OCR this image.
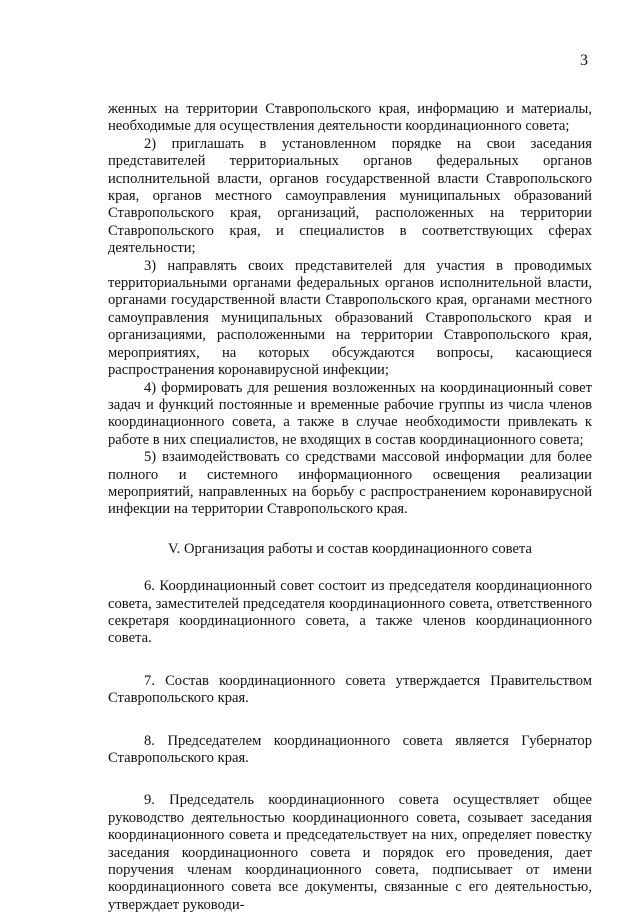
3

женных на территории Ставропольского края, информацию и материалы, необходимые для осуществления деятельности координационного совета;

2) приглашать в установленном порядке на свои заседания представителей территориальных органов федеральных органов исполнительной власти, органов государственной власти Ставропольского края, органов местного самоуправления муниципальных образований Ставропольского края, организаций, расположенных на территории Ставропольского края, и специалистов в соответствующих сферах деятельности;

3) направлять своих представителей для участия в проводимых территориальными органами федеральных органов исполнительной власти, органами государственной власти Ставропольского края, органами местного самоуправления муниципальных образований Ставропольского края и организациями, расположенными на территории Ставропольского края, мероприятиях, на которых обсуждаются вопросы, касающиеся распространения коронавирусной инфекции;

4) формировать для решения возложенных на координационный совет задач и функций постоянные и временные рабочие группы из числа членов координационного совета, а также в случае необходимости привлекать к работе в них специалистов, не входящих в состав координационного совета;

5) взаимодействовать со средствами массовой информации для более полного и системного информационного освещения реализации мероприятий, направленных на борьбу с распространением коронавирусной инфекции на территории Ставропольского края.

V. Организация работы и состав координационного совета

6. Координационный совет состоит из председателя координационного совета, заместителей председателя координационного совета, ответственного секретаря координационного совета, а также членов координационного совета.

7. Состав координационного совета утверждается Правительством Ставропольского края.

8. Председателем координационного совета является Губернатор Ставропольского края.

9. Председатель координационного совета осуществляет общее руководство деятельностью координационного совета, созывает заседания координационного совета и председательствует на них, определяет повестку заседания координационного совета и порядок его проведения, дает поручения членам координационного совета, подписывает от имени координационного совета все документы, связанные с его деятельностью, утверждает руководи-
